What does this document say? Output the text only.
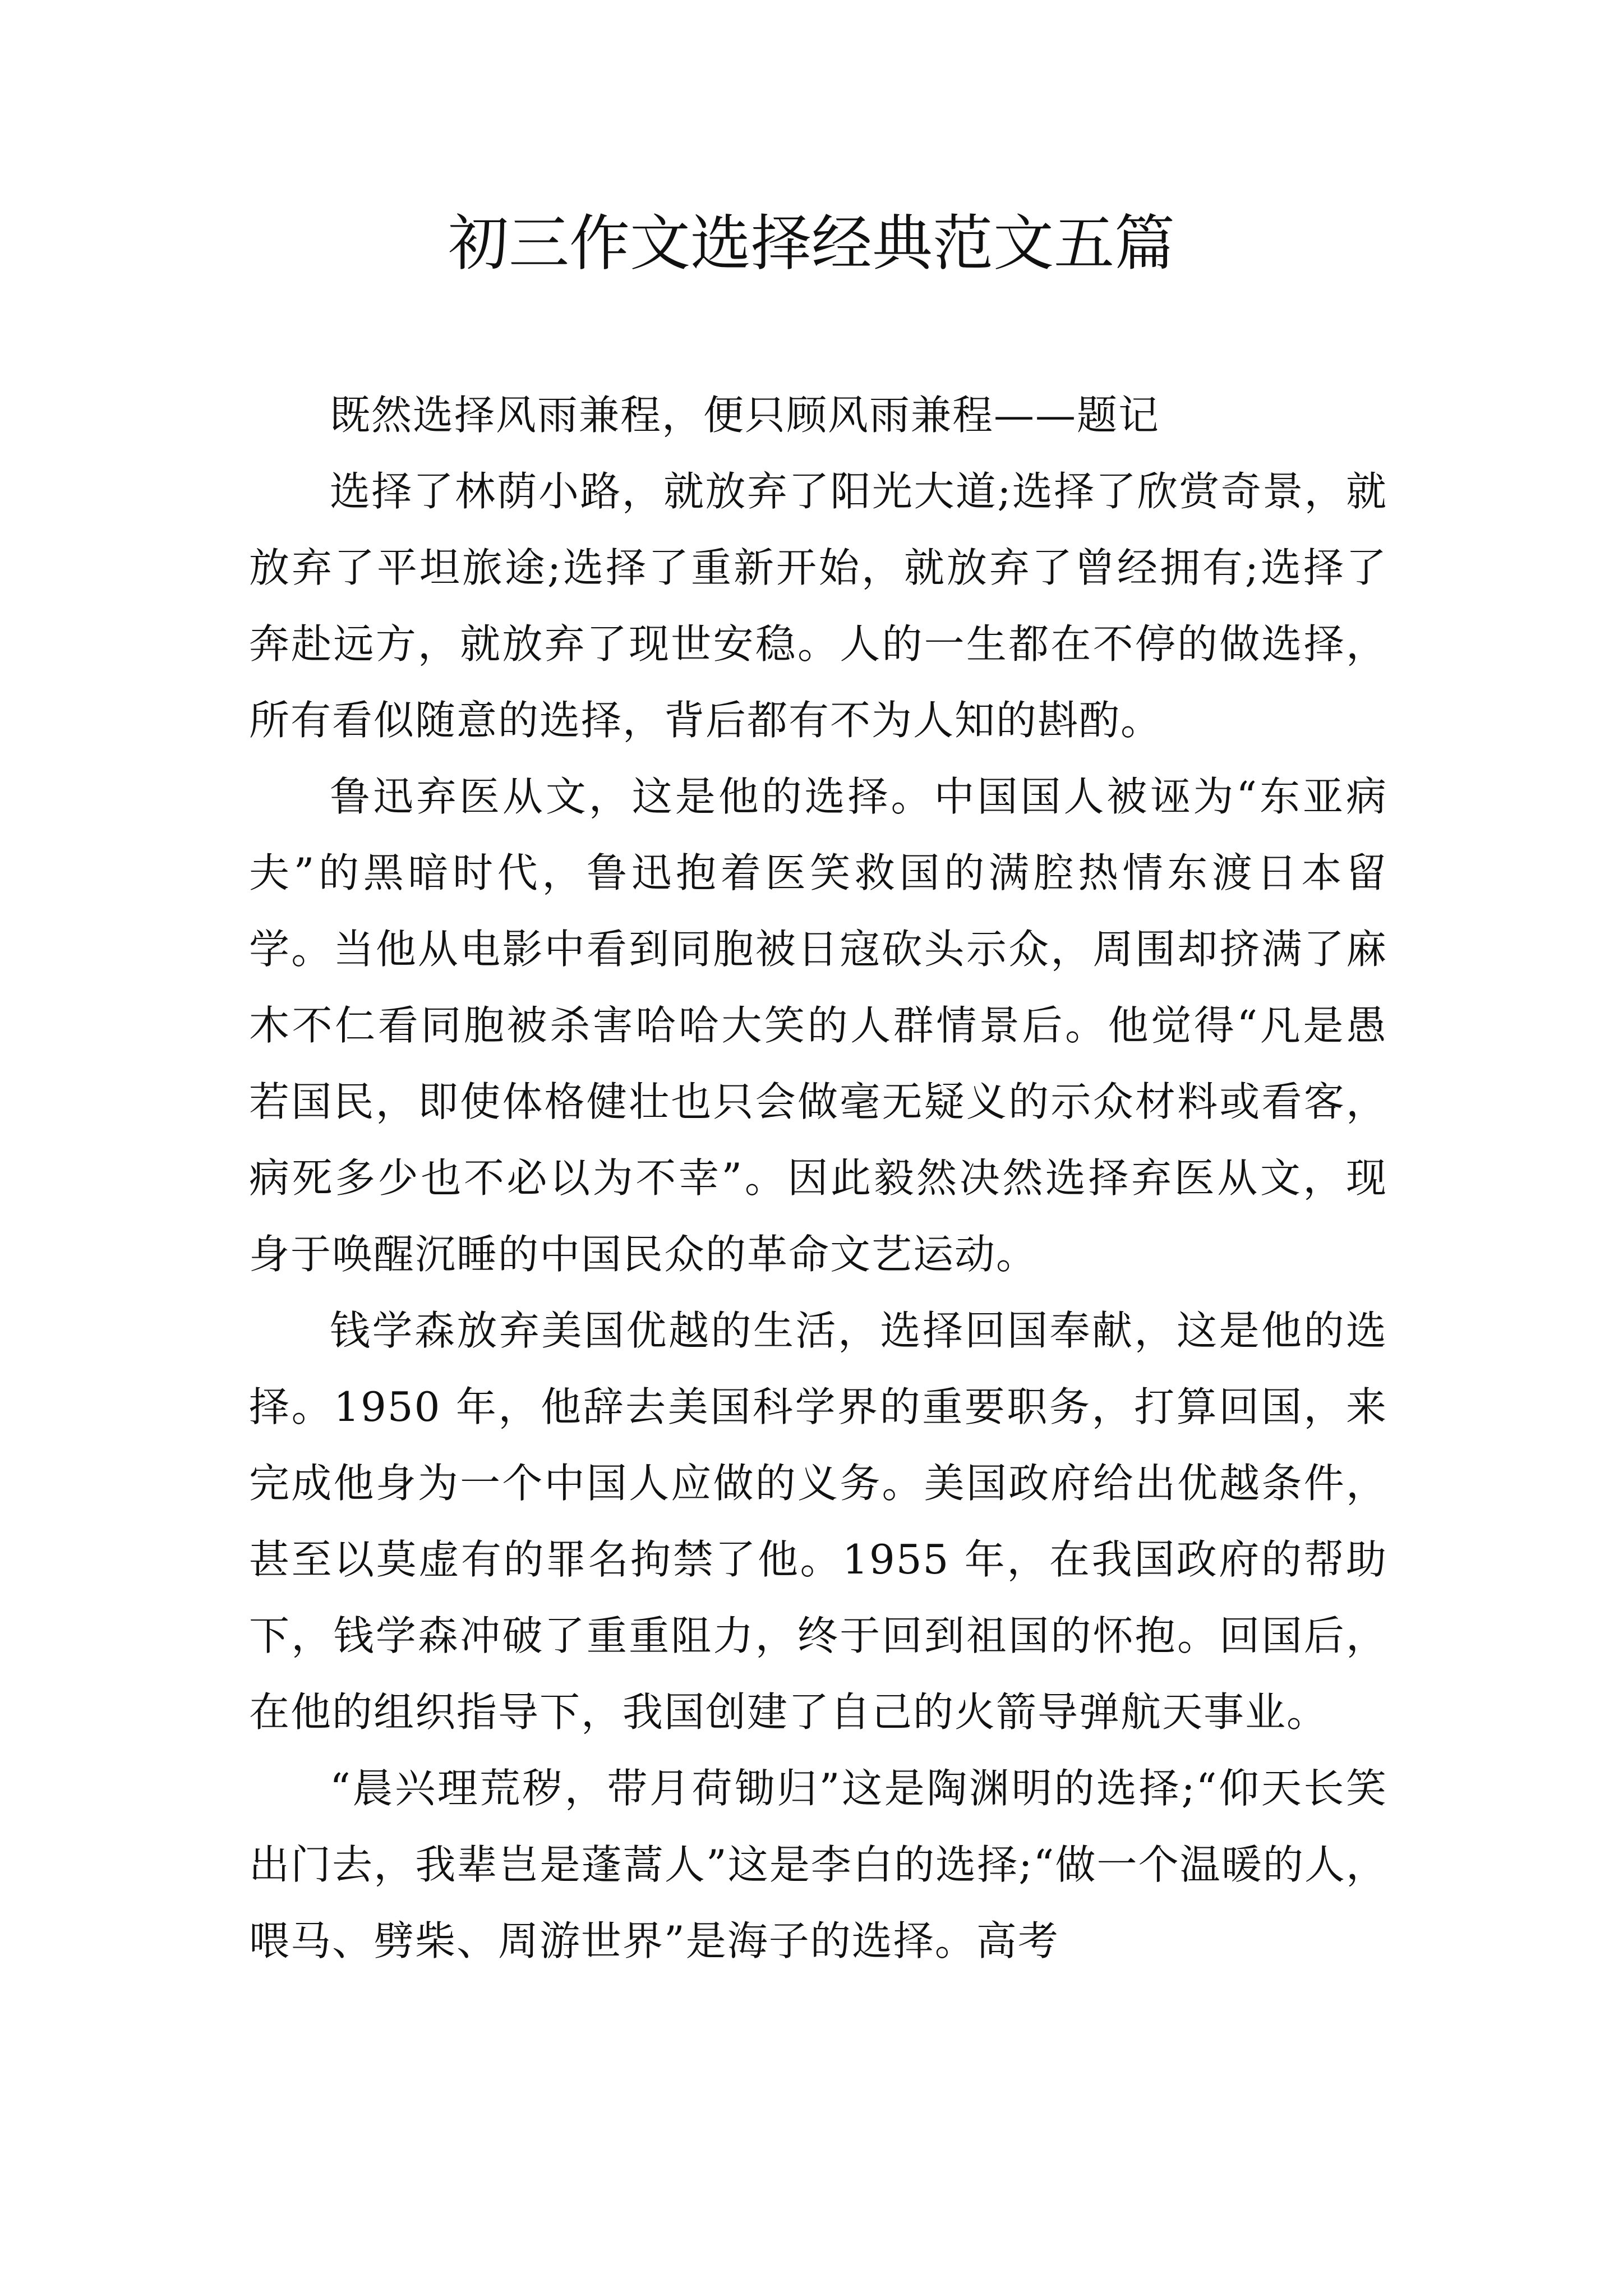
初三作文选择经典范文五篇

既然选择风雨兼程，便只顾风雨兼程——题记

选择了林荫小路，就放弃了阳光大道;选择了欣赏奇景，就放弃了平坦旅途;选择了重新开始，就放弃了曾经拥有;选择了奔赴远方，就放弃了现世安稳。人的一生都在不停的做选择，所有看似随意的选择，背后都有不为人知的斟酌。

鲁迅弃医从文，这是他的选择。中国国人被诬为“东亚病夫”的黑暗时代，鲁迅抱着医笑救国的满腔热情东渡日本留学。当他从电影中看到同胞被日寇砍头示众，周围却挤满了麻木不仁看同胞被杀害哈哈大笑的人群情景后。他觉得“凡是愚若国民，即使体格健壮也只会做毫无疑义的示众材料或看客，病死多少也不必以为不幸”。因此毅然决然选择弃医从文，现身于唤醒沉睡的中国民众的革命文艺运动。

钱学森放弃美国优越的生活，选择回国奉献，这是他的选择。1950 年，他辞去美国科学界的重要职务，打算回国，来完成他身为一个中国人应做的义务。美国政府给出优越条件，甚至以莫虚有的罪名拘禁了他。1955 年，在我国政府的帮助下，钱学森冲破了重重阻力，终于回到祖国的怀抱。回国后，在他的组织指导下，我国创建了自己的火箭导弹航天事业。

“晨兴理荒秽，带月荷锄归”这是陶渊明的选择;“仰天长笑出门去，我辈岂是蓬蒿人”这是李白的选择;“做一个温暖的人，喂马、劈柴、周游世界”是海子的选择。高考
